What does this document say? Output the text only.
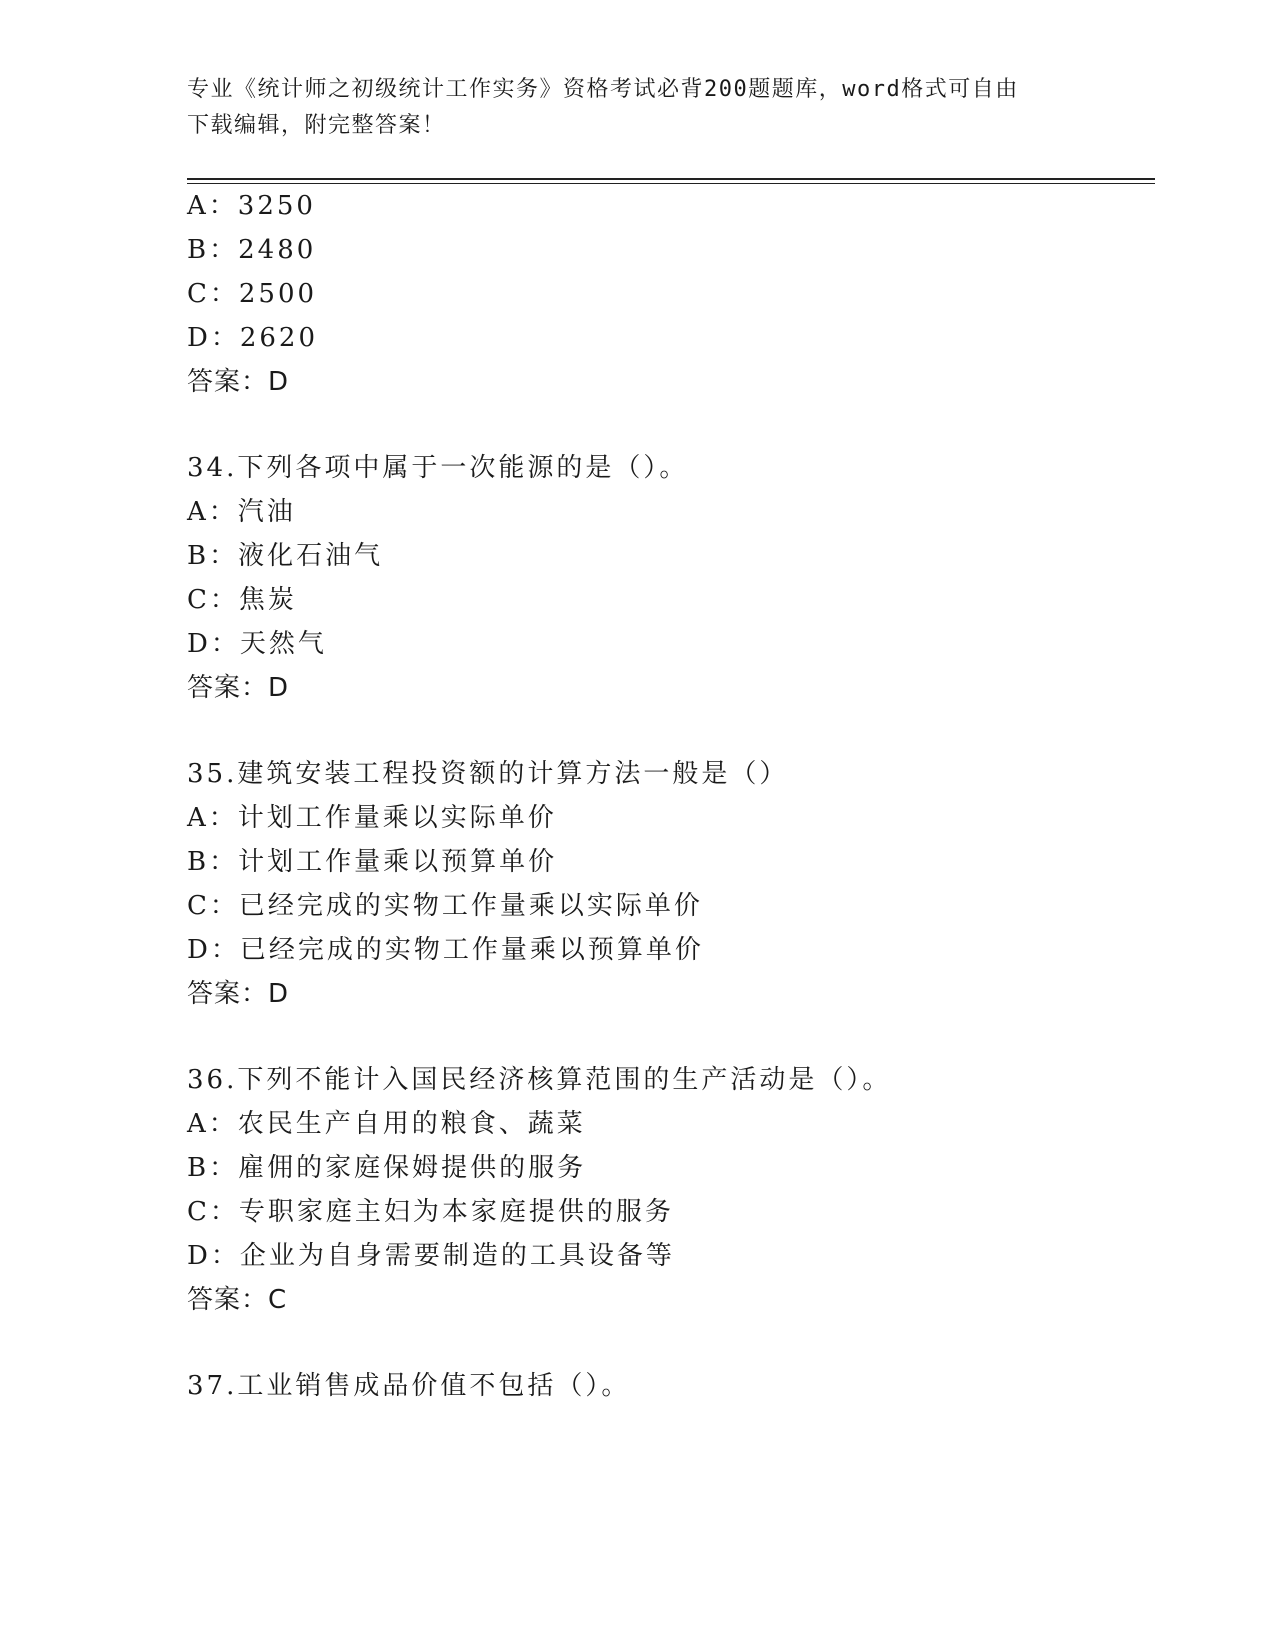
专业《统计师之初级统计工作实务》资格考试必背200题题库，word格式可自由
下载编辑，附完整答案！
A：3250
B：2480
C：2500
D：2620
答案：D
34.下列各项中属于一次能源的是（）。
A：汽油
B：液化石油气
C：焦炭
D：天然气
答案：D
35.建筑安装工程投资额的计算方法一般是（）
A：计划工作量乘以实际单价
B：计划工作量乘以预算单价
C：已经完成的实物工作量乘以实际单价
D：已经完成的实物工作量乘以预算单价
答案：D
36.下列不能计入国民经济核算范围的生产活动是（）。
A：农民生产自用的粮食、蔬菜
B：雇佣的家庭保姆提供的服务
C：专职家庭主妇为本家庭提供的服务
D：企业为自身需要制造的工具设备等
答案：C
37.工业销售成品价值不包括（）。
